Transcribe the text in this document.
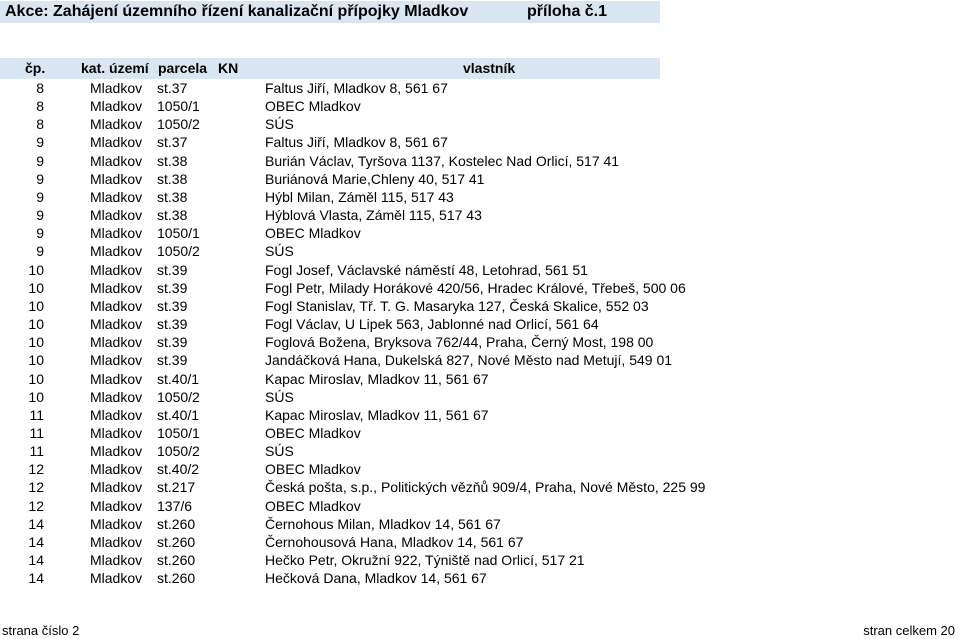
Akce: Zahájení územního řízení kanalizační přípojky Mladkov	příloha č.1
čp.	kat. území parcela KN	vlastník
8	Mladkov st.37	Faltus Jiří, Mladkov 8, 561 67
8	Mladkov 1050/1	OBEC Mladkov
8	Mladkov 1050/2	SÚS
9	Mladkov st.37	Faltus Jiří, Mladkov 8, 561 67
9	Mladkov st.38	Burián Václav, Tyršova 1137, Kostelec Nad Orlicí, 517 41
9	Mladkov st.38	Buriánová Marie,Chleny 40, 517 41
9	Mladkov st.38	Hýbl Milan, Záměl 115, 517 43
9	Mladkov st.38	Hýblová Vlasta, Záměl 115, 517 43
9	Mladkov 1050/1	OBEC Mladkov
9	Mladkov 1050/2	SÚS
10	Mladkov st.39	Fogl Josef, Václavské náměstí 48, Letohrad, 561 51
10	Mladkov st.39	Fogl Petr, Milady Horákové 420/56, Hradec Králové, Třebeš, 500 06
10	Mladkov st.39	Fogl Stanislav, Tř. T. G. Masaryka 127, Česká Skalice, 552 03
10	Mladkov st.39	Fogl Václav, U Lipek 563, Jablonné nad Orlicí, 561 64
10	Mladkov st.39	Foglová Božena, Bryksova 762/44, Praha, Černý Most, 198 00
10	Mladkov st.39	Jandáčková Hana, Dukelská 827, Nové Město nad Metují, 549 01
10	Mladkov st.40/1	Kapac Miroslav, Mladkov 11, 561 67
10	Mladkov 1050/2	SÚS
11	Mladkov st.40/1	Kapac Miroslav, Mladkov 11, 561 67
11	Mladkov 1050/1	OBEC Mladkov
11	Mladkov 1050/2	SÚS
12	Mladkov st.40/2	OBEC Mladkov
12	Mladkov st.217	Česká pošta, s.p., Politických vězňů 909/4, Praha, Nové Město, 225 99
12	Mladkov 137/6	OBEC Mladkov
14	Mladkov st.260	Černohous Milan, Mladkov 14, 561 67
14	Mladkov st.260	Černohousová Hana, Mladkov 14, 561 67
14	Mladkov st.260	Hečko Petr, Okružní 922, Týniště nad Orlicí, 517 21
14	Mladkov st.260	Hečková Dana, Mladkov 14, 561 67
strana číslo 2	stran celkem 20
